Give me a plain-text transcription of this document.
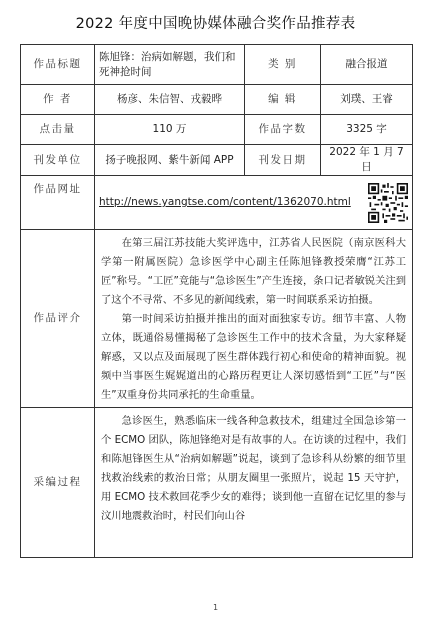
2022 年度中国晚协媒体融合奖作品推荐表
作品标题	陈旭锋：治病如解题，我们和死神抢时间	类 别	融合报道
作 者	杨彦、朱信智、戎毅晔	编 辑	刘璞、王睿
点击量	110 万	作品字数	3325 字
刊发单位	扬子晚报网、紫牛新闻 APP	刊发日期	2022 年 1 月 7 日
作品网址	http://news.yangtse.com/content/1362070.html		

作品评介	在第三届江苏技能大奖评选中，江苏省人民医院（南京医科大学第一附属医院）急诊医学中心副主任陈旭锋教授荣膺“江苏工匠”称号。“工匠”竞能与“急诊医生”产生连接，条口记者敏锐关注到了这个不寻常、不多见的新闻线索，第一时间联系采访拍摄。

第一时间采访拍摄并推出的面对面独家专访。细节丰富、人物立体，既通俗易懂揭秘了急诊医生工作中的技术含量，为大家释疑解惑，又以点及面展现了医生群体践行初心和使命的精神面貌。视频中当事医生娓娓道出的心路历程更让人深切感悟到“工匠”与“医生”双重身份共同承托的生命重量。		

采编过程	急诊医生，熟悉临床一线各种急救技术，组建过全国急诊第一个 ECMO 团队，陈旭锋绝对是有故事的人。在访谈的过程中，我们和陈旭锋医生从“治病如解题”说起，谈到了急诊科从纷繁的细节里找救治线索的救治日常；从朋友圈里一张照片，说起 15 天守护，用 ECMO 技术救回花季少女的难得；谈到他一直留在记忆里的参与汶川地震救治时，村民们向山谷		

1
